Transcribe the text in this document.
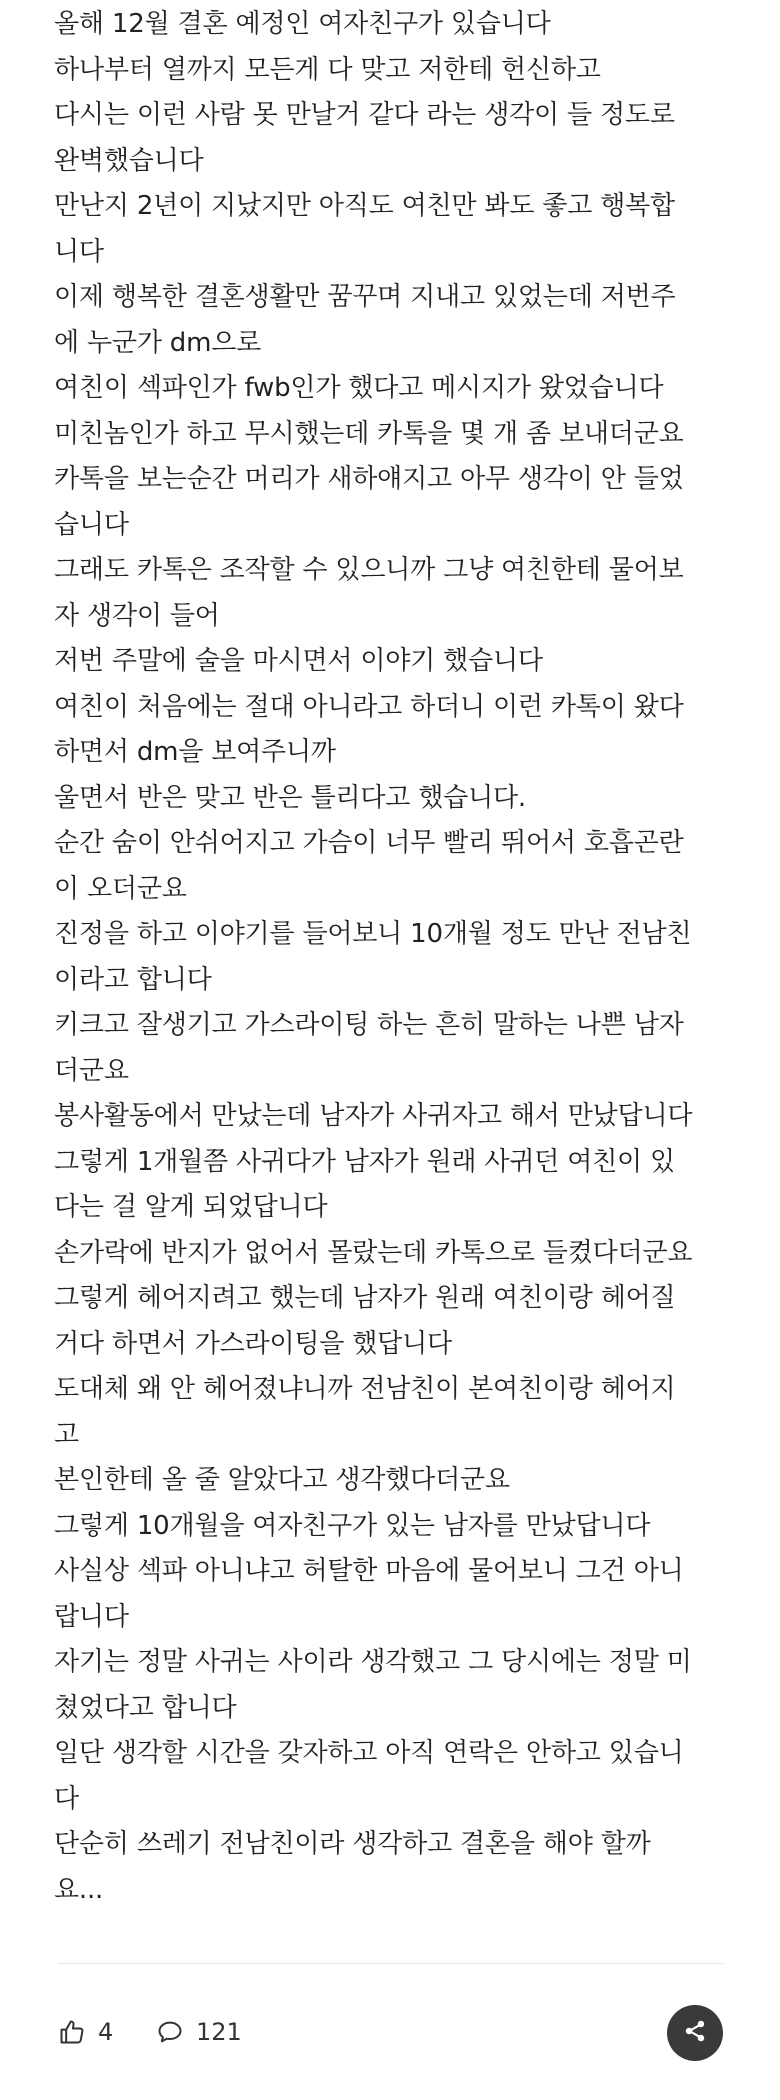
올해 12월 결혼 예정인 여자친구가 있습니다
하나부터 열까지 모든게 다 맞고 저한테 헌신하고
다시는 이런 사람 못 만날거 같다 라는 생각이 들 정도로
완벽했습니다
만난지 2년이 지났지만 아직도 여친만 봐도 좋고 행복합
니다
이제 행복한 결혼생활만 꿈꾸며 지내고 있었는데 저번주
에 누군가 dm으로
여친이 섹파인가 fwb인가 했다고 메시지가 왔었습니다
미친놈인가 하고 무시했는데 카톡을 몇 개 좀 보내더군요
카톡을 보는순간 머리가 새하얘지고 아무 생각이 안 들었
습니다
그래도 카톡은 조작할 수 있으니까 그냥 여친한테 물어보
자 생각이 들어
저번 주말에 술을 마시면서 이야기 했습니다
여친이 처음에는 절대 아니라고 하더니 이런 카톡이 왔다
하면서 dm을 보여주니까
울면서 반은 맞고 반은 틀리다고 했습니다.
순간 숨이 안쉬어지고 가슴이 너무 빨리 뛰어서 호흡곤란
이 오더군요
진정을 하고 이야기를 들어보니 10개월 정도 만난 전남친
이라고 합니다
키크고 잘생기고 가스라이팅 하는 흔히 말하는 나쁜 남자
더군요
봉사활동에서 만났는데 남자가 사귀자고 해서 만났답니다
그렇게 1개월쯤 사귀다가 남자가 원래 사귀던 여친이 있
다는 걸 알게 되었답니다
손가락에 반지가 없어서 몰랐는데 카톡으로 들켰다더군요
그렇게 헤어지려고 했는데 남자가 원래 여친이랑 헤어질
거다 하면서 가스라이팅을 했답니다
도대체 왜 안 헤어졌냐니까 전남친이 본여친이랑 헤어지
고
본인한테 올 줄 알았다고 생각했다더군요
그렇게 10개월을 여자친구가 있는 남자를 만났답니다
사실상 섹파 아니냐고 허탈한 마음에 물어보니 그건 아니
랍니다
자기는 정말 사귀는 사이라 생각했고 그 당시에는 정말 미
쳤었다고 합니다
일단 생각할 시간을 갖자하고 아직 연락은 안하고 있습니
다
단순히 쓰레기 전남친이라 생각하고 결혼을 해야 할까
요...
4	121
